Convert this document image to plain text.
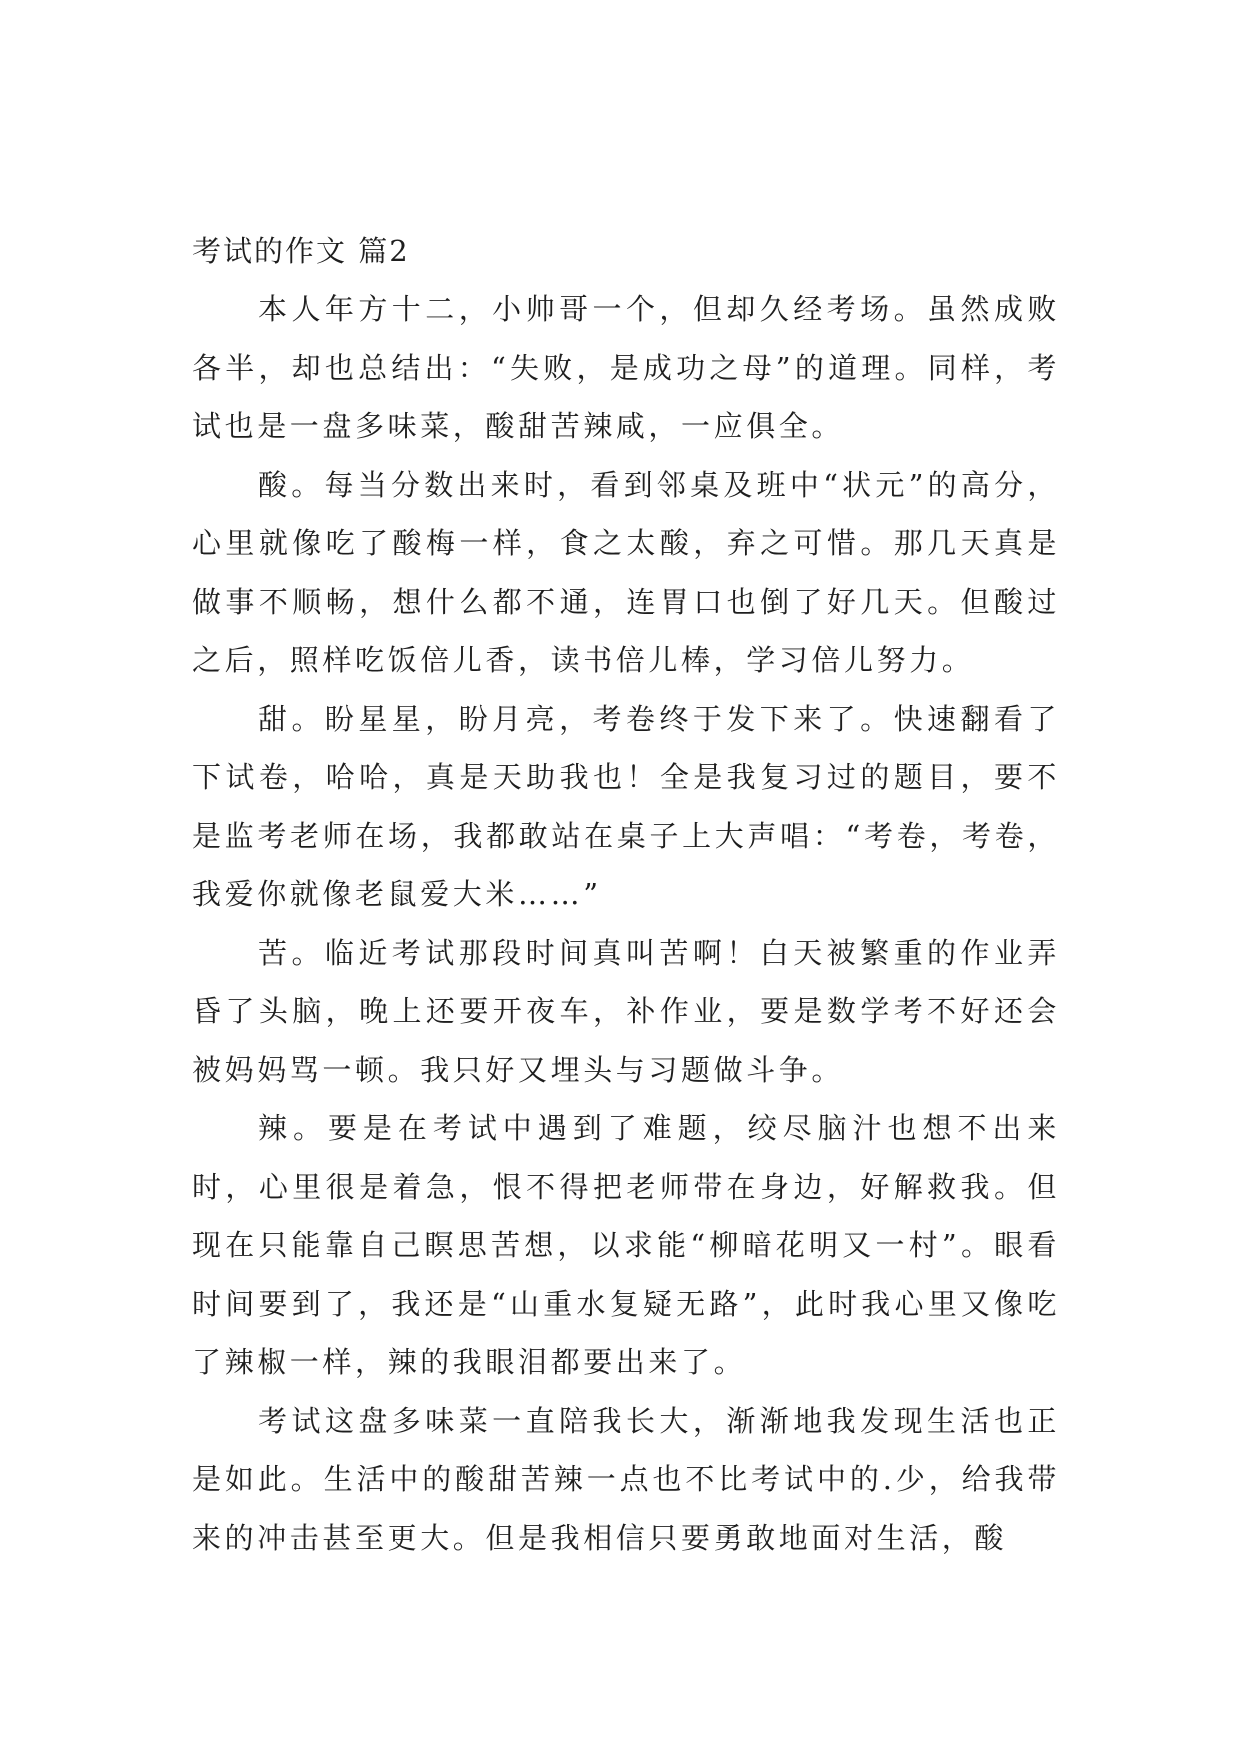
考试的作文 篇2

本人年方十二，小帅哥一个，但却久经考场。虽然成败各半，却也总结出：“失败，是成功之母”的道理。同样，考试也是一盘多味菜，酸甜苦辣咸，一应俱全。

酸。每当分数出来时，看到邻桌及班中“状元”的高分，心里就像吃了酸梅一样，食之太酸，弃之可惜。那几天真是做事不顺畅，想什么都不通，连胃口也倒了好几天。但酸过之后，照样吃饭倍儿香，读书倍儿棒，学习倍儿努力。

甜。盼星星，盼月亮，考卷终于发下来了。快速翻看了下试卷，哈哈，真是天助我也！全是我复习过的题目，要不是监考老师在场，我都敢站在桌子上大声唱：“考卷，考卷，我爱你就像老鼠爱大米……”

苦。临近考试那段时间真叫苦啊！白天被繁重的作业弄昏了头脑，晚上还要开夜车，补作业，要是数学考不好还会被妈妈骂一顿。我只好又埋头与习题做斗争。

辣。要是在考试中遇到了难题，绞尽脑汁也想不出来时，心里很是着急，恨不得把老师带在身边，好解救我。但现在只能靠自己瞑思苦想，以求能“柳暗花明又一村”。眼看时间要到了，我还是“山重水复疑无路”，此时我心里又像吃了辣椒一样，辣的我眼泪都要出来了。

考试这盘多味菜一直陪我长大，渐渐地我发现生活也正是如此。生活中的酸甜苦辣一点也不比考试中的.少，给我带来的冲击甚至更大。但是我相信只要勇敢地面对生活，酸
